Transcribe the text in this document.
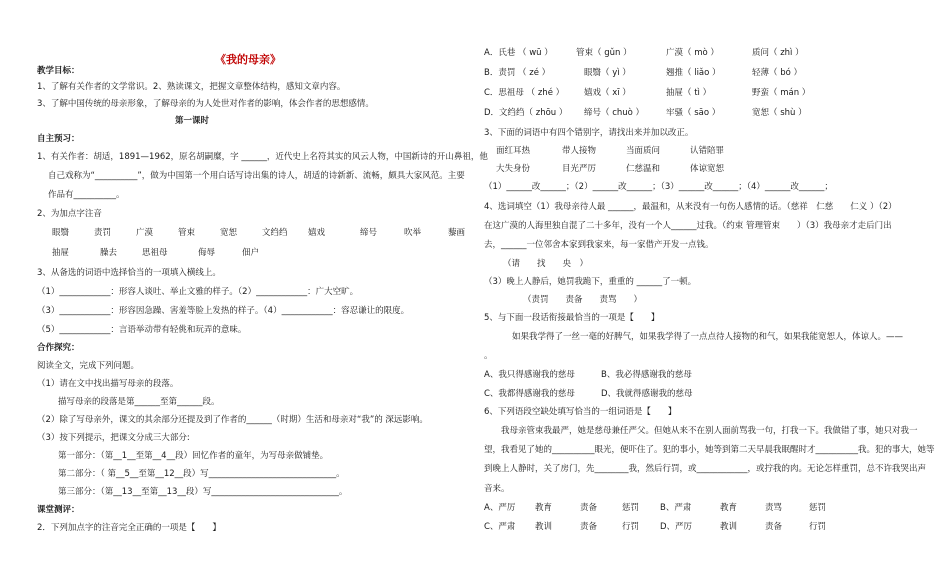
《我的母亲》
教学目标：
1、了解有关作者的文学常识。2、熟读课文，把握文章整体结构，感知文章内容。
3、了解中国传统的母亲形象，了解母亲的为人处世对作者的影响，体会作者的思想感情。
第一课时
自主预习：
1、有关作者：胡适，1891—1962，原名胡嗣糜，字 ______，近代史上名符其实的风云人物，中国新诗的开山鼻祖，他
自己戏称为“__________”，做为中国第一个用白话写诗出集的诗人，胡适的诗新新、流畅，颇具大家风范。主要
作品有__________。
2、为加点字注音
眼翳	责罚	广漠	管束	宽恕	文绉绉 嬉戏	缔号	吹举	藜画
抽屉	臊去	思祖母	侮辱	佃户
3、从备选的词语中选择恰当的一项填入横线上。
（1）____________：形容人谈吐、举止文雅的样子。（2）____________：广大空旷。
（3）____________：形容因急躁、害羞等脸上发热的样子。（4）____________：容忍谦让的限度。
（5）____________：言语举动带有轻佻和玩弄的意味。
合作探究：
阅读全文，完成下列问题。
（1）请在文中找出描写母亲的段落。
描写母亲的段落是第______至第______段。
（2）除了写母亲外，课文的其余部分还提及到了作者的______（时期）生活和母亲对“我”的 深远影响。
（3）按下列提示，把课文分成三大部分:
第一部分：（第__1__至第__4__段）回忆作者的童年，为写母亲做铺垫。
第二部分：（ 第__5__至第__12__段）写______________________________。
第三部分：（第__13__至第__13__段）写______________________________。
课堂测评：
2．下列加点字的注音完全正确的一项是【　　】
A．氏巷 （ wū ）	管束（ gǔn ）	广漠（ mò ）	质问（ zhì ）
B．责罚 （ zé ）	眼翳（ yì ）	翘推（ liǎo ）	轻薄（ bó ）
C．思祖母 （ zhé ） 嬉戏（ xī ）	抽屉（ tì ）	野蛮（ mán ）
D．文绉绉（ zhōu ） 缔号（ chuò ）	牢骚（ sāo ）	宽恕（ shù ）
3、下面的词语中有四个错别字，请找出来并加以改正。
面红耳热	带人接物	当面质问	认错陪罪
大失身份	目光严厉	仁慈温和	体谅宽恕
（1）______改______；（2）______改______；（3）______改______；（4）______改______；
4、选词填空（1）我母亲待人最 ______，最温和，从来没有一句伤人感情的话。（慈祥　仁慈　　仁义 ）（2）
在这广漠的人海里独自混了二十多年，没有一个人______过我。（约束 管理管束　　）（3）我母亲才走后门出
去，______一位邻舍本家到我家来，每一家借产开发一点钱。
（请　　找　　央　）
（3）晚上人静后，她罚我跪下，重重的 ______了一顿。
（责罚　　责备　　责骂　　）
5、与下面一段话衔接最恰当的一项是【　　】
如果我学得了一丝一毫的好脾气，如果我学得了一点点待人接物的和气，如果我能宽恕人，体谅人。——
。
A、我只得感谢我的慈母	B、我必得感谢我的慈母
C、我都得感谢我的慈母	D、我就得感谢我的慈母
6、下列语段空缺处填写恰当的一组词语是【　　】
我母亲管束我最严，她是慈母兼任严父。但她从来不在别人面前骂我一句，打我一下。我做错了事，她只对我一
望，我看见了她的__________眼光，便吓住了。犯的事小，她等到第二天早晨我眠醒时才__________我。犯的事大，她等
到晚上人静时，关了房门，先________我，然后行罚，或____________，或拧我的肉。无论怎样重罚，总不许我哭出声
音来。
A、严厉 教育	责备	惩罚 B、严肃	教育	责骂	惩罚
C、严肃 教训	责备	行罚 D、严厉	教训	责备	行罚
